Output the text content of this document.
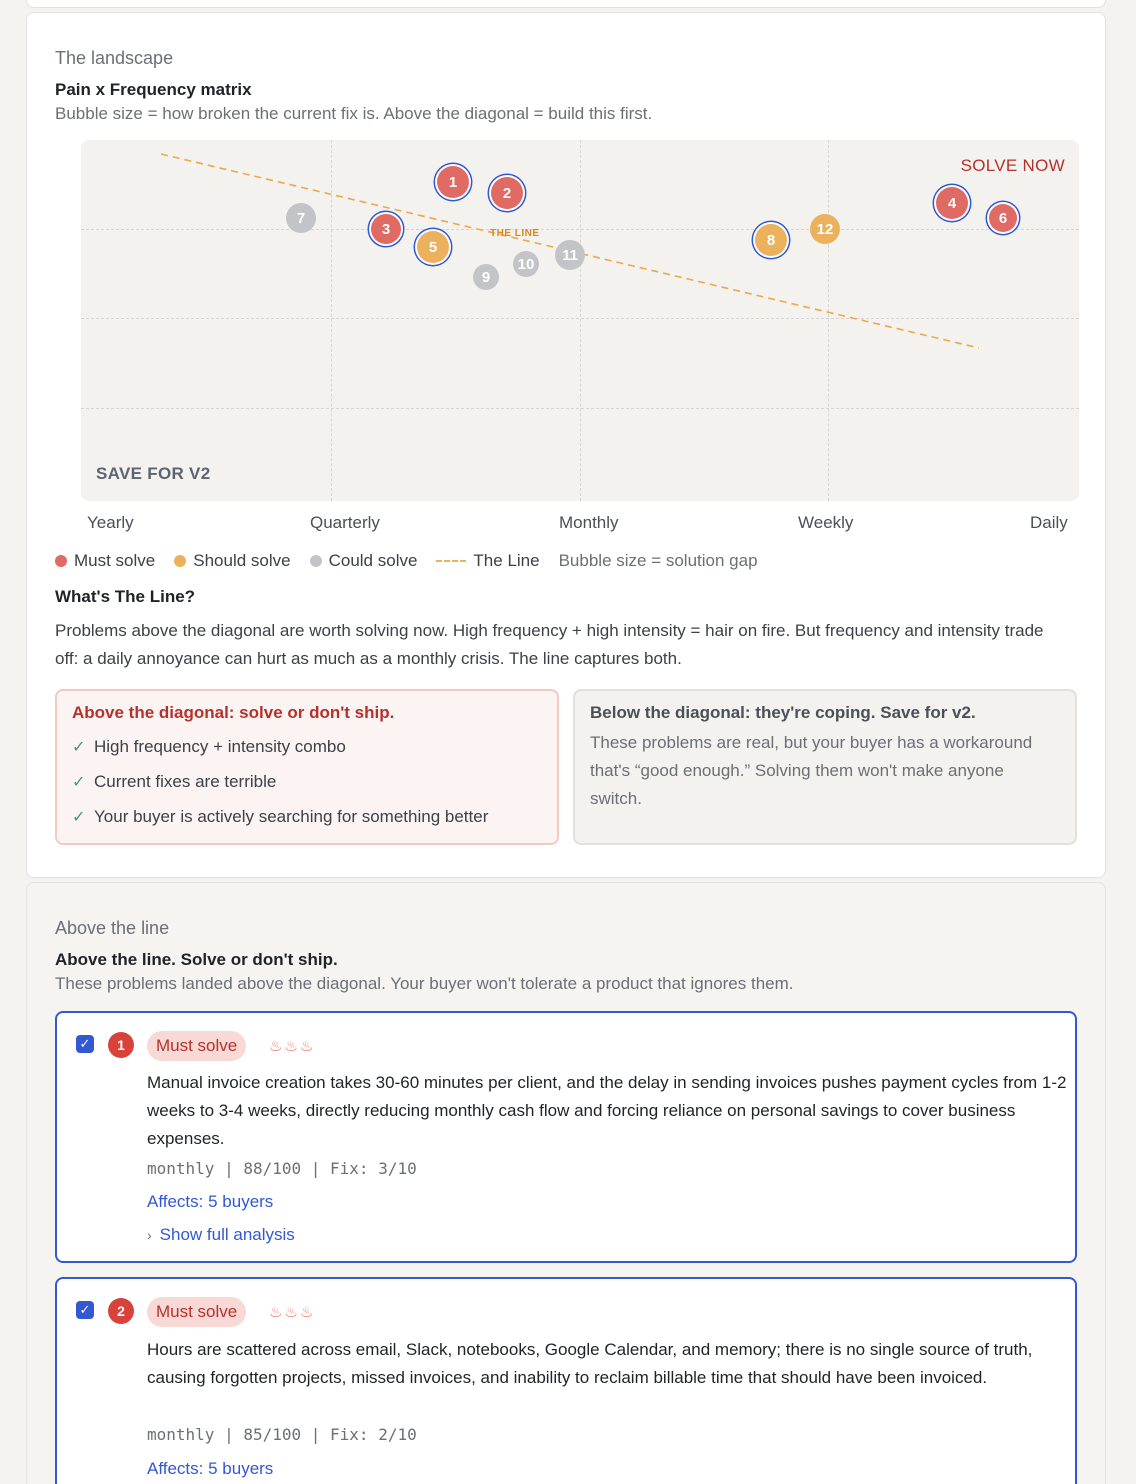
The landscape
Pain x Frequency matrix
Bubble size = how broken the current fix is. Above the diagonal = build this first.
SOLVE NOW
SAVE FOR V2
THE LINE
1
2
3
4
5
6
7
8
9
10
11
12
Yearly	Quarterly	Monthly	Weekly	Daily
Must solve Should solve Could solve	The Line Bubble size = solution gap
What's The Line?
Problems above the diagonal are worth solving now. High frequency + high intensity = hair on fire. But frequency and intensity trade off: a daily annoyance can hurt as much as a monthly crisis. The line captures both.
Above the diagonal: solve or don't ship.
✓ High frequency + intensity combo
✓ Current fixes are terrible
✓ Your buyer is actively searching for something better
Below the diagonal: they're coping. Save for v2.
These problems are real, but your buyer has a workaround that's “good enough.” Solving them won't make anyone switch.
Above the line
Above the line. Solve or don't ship.
These problems landed above the diagonal. Your buyer won't tolerate a product that ignores them.
✓	1	Must solve	♨♨♨
Manual invoice creation takes 30-60 minutes per client, and the delay in sending invoices pushes payment cycles from 1-2 weeks to 3-4 weeks, directly reducing monthly cash flow and forcing reliance on personal savings to cover business expenses.
monthly | 88/100 | Fix: 3/10
Affects: 5 buyers
› Show full analysis
✓	2	Must solve	♨♨♨
Hours are scattered across email, Slack, notebooks, Google Calendar, and memory; there is no single source of truth, causing forgotten projects, missed invoices, and inability to reclaim billable time that should have been invoiced.
monthly | 85/100 | Fix: 2/10
Affects: 5 buyers
